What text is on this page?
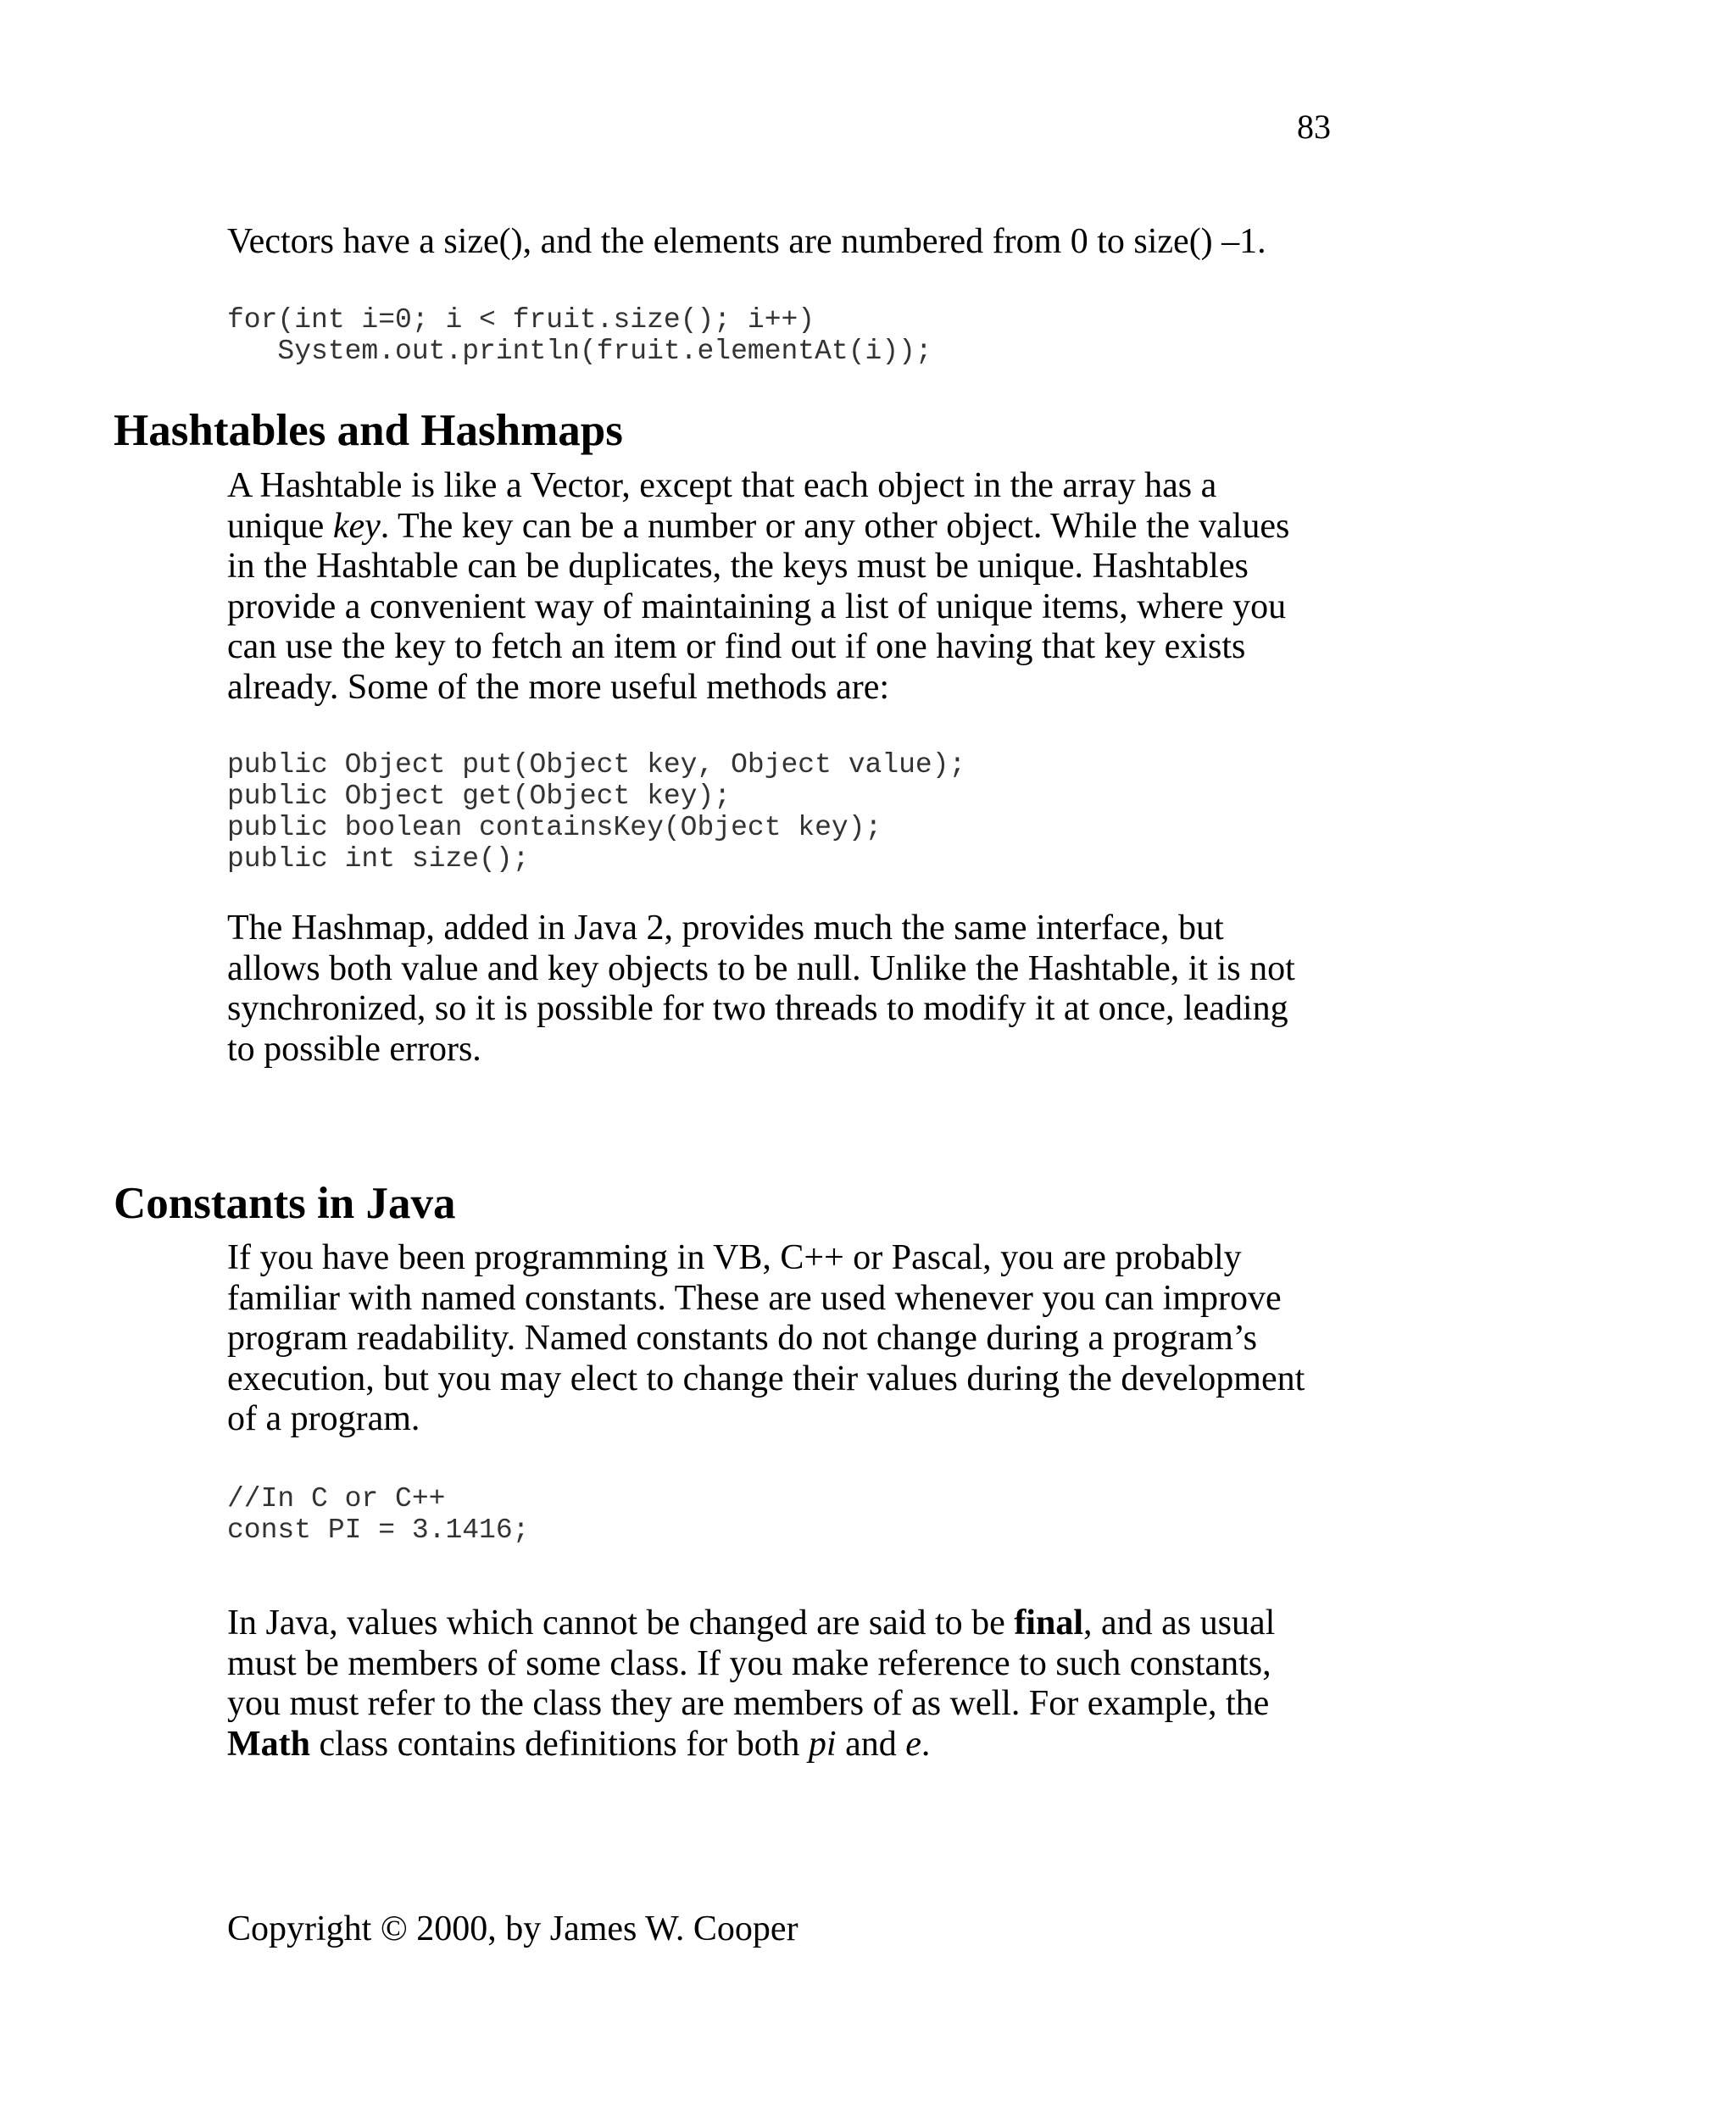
83

Vectors have a size(), and the elements are numbered from 0 to size() –1.

for(int i=0; i < fruit.size(); i++)
System.out.println(fruit.elementAt(i));
Hashtables and Hashmaps

A Hashtable is like a Vector, except that each object in the array has a
unique key. The key can be a number or any other object. While the values
in the Hashtable can be duplicates, the keys must be unique. Hashtables
provide a convenient way of maintaining a list of unique items, where you
can use the key to fetch an item or find out if one having that key exists
already. Some of the more useful methods are:

public Object put(Object key, Object value);
public Object get(Object key);
public boolean containsKey(Object key);
public int size();

The Hashmap, added in Java 2, provides much the same interface, but
allows both value and key objects to be null. Unlike the Hashtable, it is not
synchronized, so it is possible for two threads to modify it at once, leading
to possible errors.

Constants in Java

If you have been programming in VB, C++ or Pascal, you are probably
familiar with named constants. These are used whenever you can improve
program readability. Named constants do not change during a program’s
execution, but you may elect to change their values during the development
of a program.

//In C or C++
const PI = 3.1416;

In Java, values which cannot be changed are said to be final, and as usual
must be members of some class. If you make reference to such constants,
you must refer to the class they are members of as well. For example, the
Math class contains definitions for both pi and e.

Copyright © 2000, by James W. Cooper
